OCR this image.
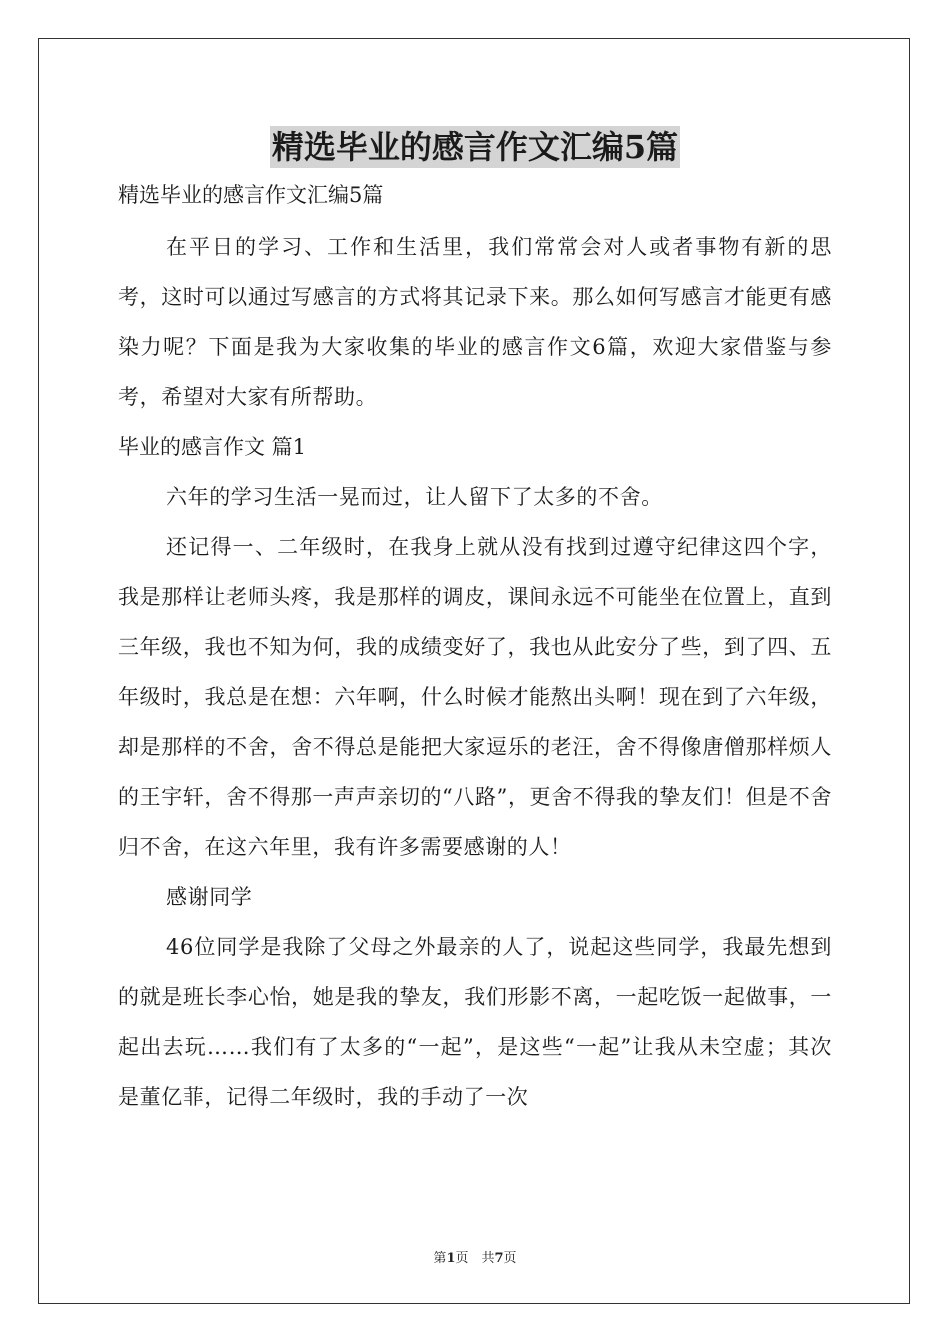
精选毕业的感言作文汇编5篇

精选毕业的感言作文汇编5篇

在平日的学习、工作和生活里，我们常常会对人或者事物有新的思考，这时可以通过写感言的方式将其记录下来。那么如何写感言才能更有感染力呢？下面是我为大家收集的毕业的感言作文6篇，欢迎大家借鉴与参考，希望对大家有所帮助。

毕业的感言作文 篇1

六年的学习生活一晃而过，让人留下了太多的不舍。

还记得一、二年级时，在我身上就从没有找到过遵守纪律这四个字，我是那样让老师头疼，我是那样的调皮，课间永远不可能坐在位置上，直到三年级，我也不知为何，我的成绩变好了，我也从此安分了些，到了四、五年级时，我总是在想：六年啊，什么时候才能熬出头啊！现在到了六年级，却是那样的不舍，舍不得总是能把大家逗乐的老汪，舍不得像唐僧那样烦人的王宇轩，舍不得那一声声亲切的“八路”，更舍不得我的挚友们！但是不舍归不舍，在这六年里，我有许多需要感谢的人！

感谢同学

46位同学是我除了父母之外最亲的人了，说起这些同学，我最先想到的就是班长李心怡，她是我的挚友，我们形影不离，一起吃饭一起做事，一起出去玩……我们有了太多的“一起”，是这些“一起”让我从未空虚；其次是董亿菲，记得二年级时，我的手动了一次

第1页　共7页
